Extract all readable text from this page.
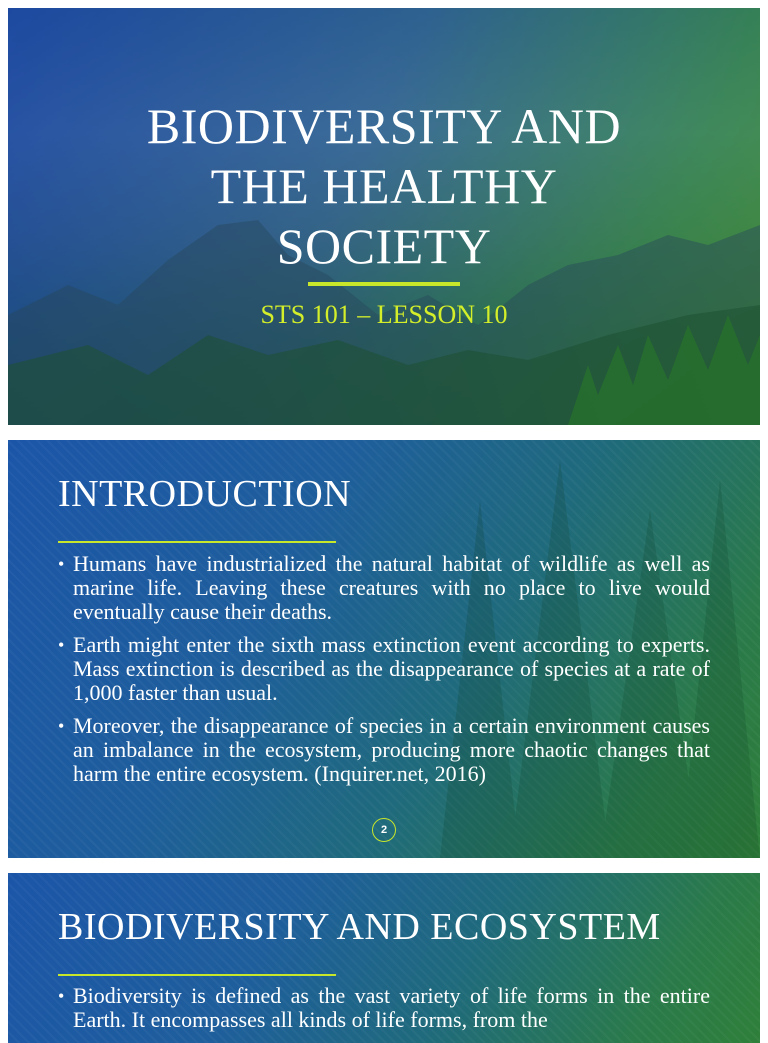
BIODIVERSITY AND
THE HEALTHY
SOCIETY
STS 101 – LESSON 10
INTRODUCTION
• Humans have industrialized the natural habitat of wildlife as well as marine life. Leaving these creatures with no place to live would eventually cause their deaths.
• Earth might enter the sixth mass extinction event according to experts. Mass extinction is described as the disappearance of species at a rate of 1,000 faster than usual.
• Moreover, the disappearance of species in a certain environment causes an imbalance in the ecosystem, producing more chaotic changes that harm the entire ecosystem. (Inquirer.net, 2016)
2
BIODIVERSITY AND ECOSYSTEM
• Biodiversity is defined as the vast variety of life forms in the entire Earth. It encompasses all kinds of life forms, from the
